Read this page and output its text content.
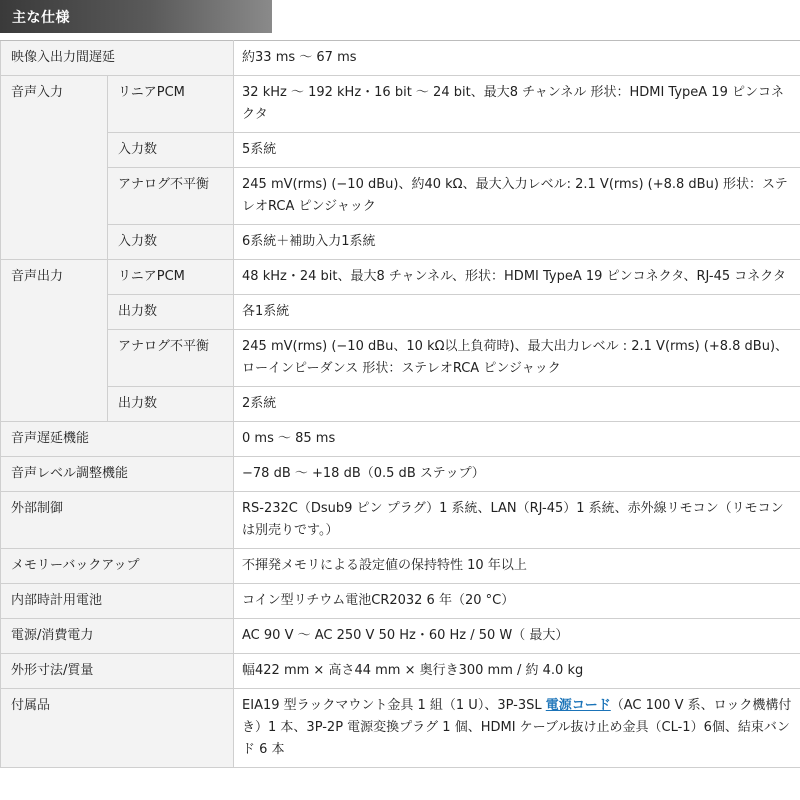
主な仕様
映像入出力間遅延		約33 ms 〜 67 ms
音声入力	リニアPCM	32 kHz 〜 192 kHz・16 bit 〜 24 bit、最大8 チャンネル 形状：HDMI TypeA 19 ピンコネクタ
	入力数	5系統
	アナログ不平衡	245 mV(rms) (−10 dBu)、約40 kΩ、最大入力レベル: 2.1 V(rms) (+8.8 dBu) 形状：ステレオRCA ピンジャック
	入力数	6系統＋補助入力1系統
音声出力	リニアPCM	48 kHz・24 bit、最大8 チャンネル、形状：HDMI TypeA 19 ピンコネクタ、RJ-45 コネクタ
	出力数	各1系統
	アナログ不平衡	245 mV(rms) (−10 dBu、10 kΩ以上負荷時)、最大出力レベル : 2.1 V(rms) (+8.8 dBu)、ローインピーダンス 形状：ステレオRCA ピンジャック
	出力数	2系統
音声遅延機能		0 ms 〜 85 ms
音声レベル調整機能		−78 dB 〜 +18 dB（0.5 dB ステップ）
外部制御		RS-232C（Dsub9 ピン プラグ）1 系統、LAN（RJ-45）1 系統、赤外線リモコン（リモコンは別売りです。）
メモリーバックアップ		不揮発メモリによる設定値の保持特性 10 年以上
内部時計用電池		コイン型リチウム電池CR2032 6 年（20 °C）
電源/消費電力		AC 90 V 〜 AC 250 V 50 Hz・60 Hz / 50 W（ 最大）
外形寸法/質量		幅422 mm × 高さ44 mm × 奥行き300 mm / 約 4.0 kg
付属品		EIA19 型ラックマウント金具 1 組（1 U）、3P-3SL 電源コード（AC 100 V 系、ロック機構付き）1 本、3P-2P 電源変換プラグ 1 個、HDMI ケーブル抜け止め金具（CL-1）6個、結束バンド 6 本
